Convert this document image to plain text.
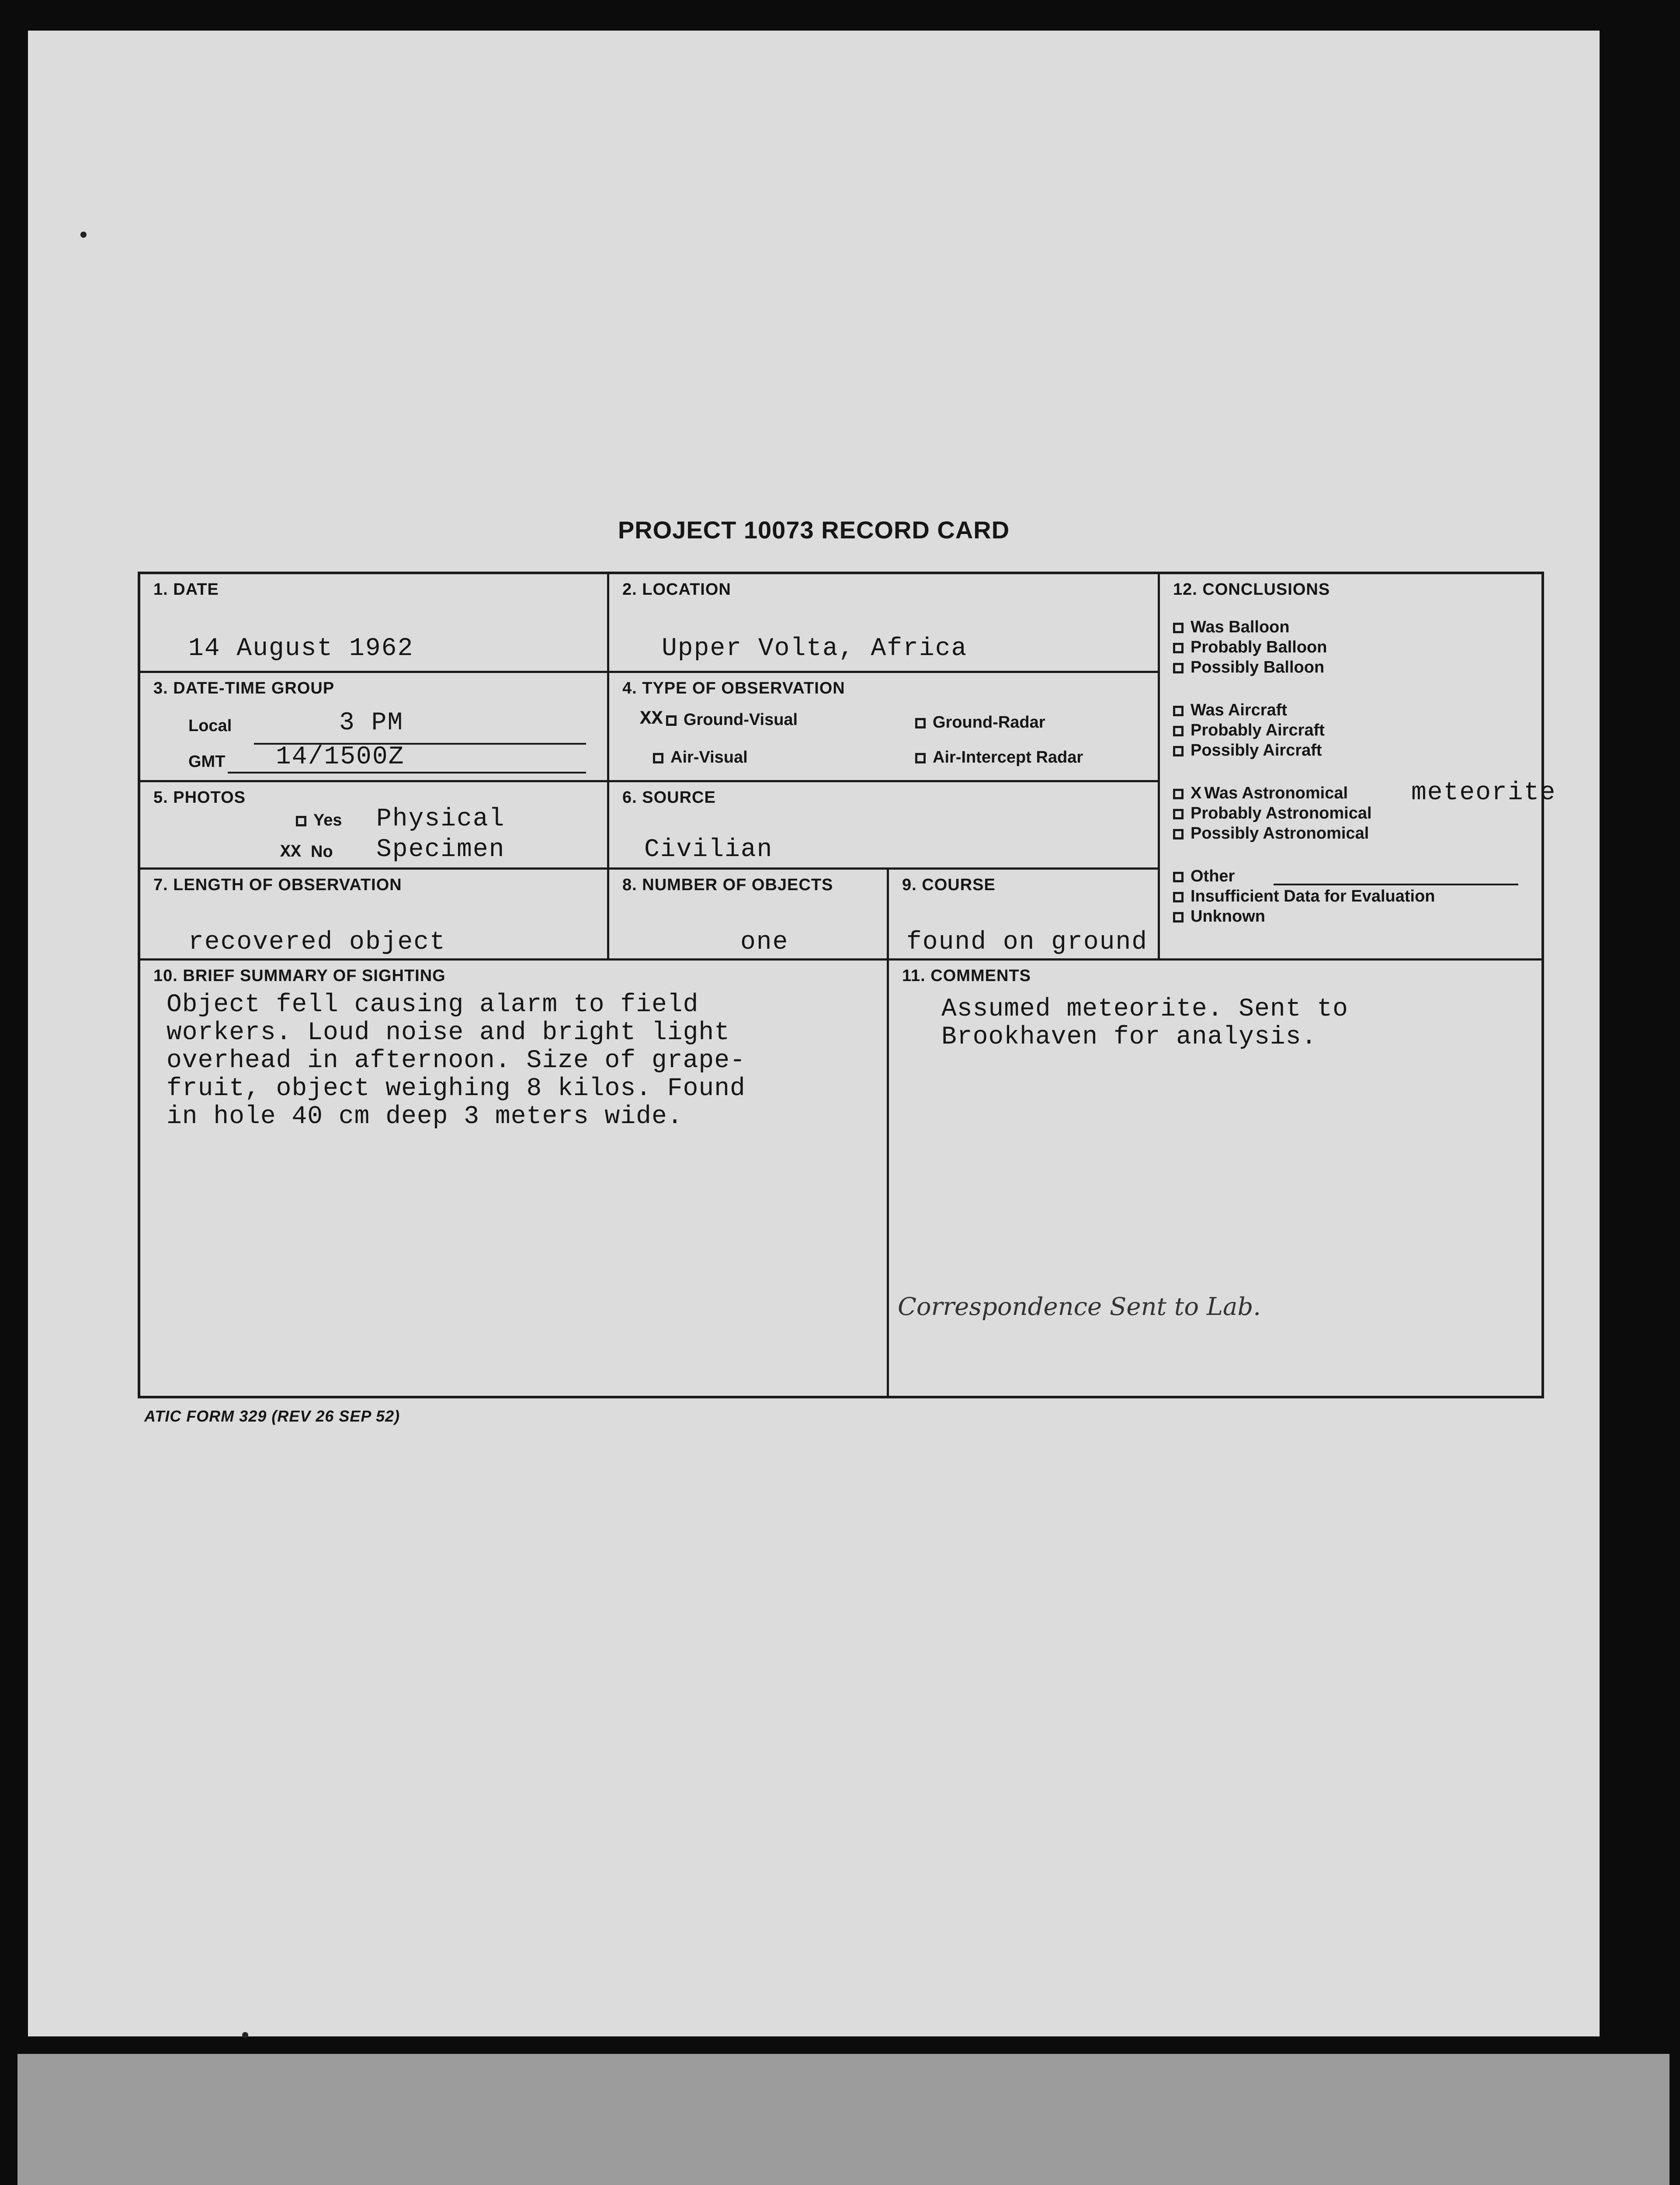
PROJECT 10073 RECORD CARD
1. DATE
14 August 1962
2. LOCATION
Upper Volta, Africa
3. DATE-TIME GROUP
Local	3 PM
GMT 14/1500Z
4. TYPE OF OBSERVATION
XX	Ground-Visual	Ground-Radar
Air-Visual	Air-Intercept Radar
5. PHOTOS
Yes Physical
XX No Specimen
6. SOURCE
Civilian
7. LENGTH OF OBSERVATION
recovered object
8. NUMBER OF OBJECTS
one
9. COURSE
found on ground
12. CONCLUSIONS
Was Balloon
Probably Balloon
Possibly Balloon
Was Aircraft
Probably Aircraft
Possibly Aircraft
X Was Astronomical meteorite
Probably Astronomical
Possibly Astronomical
Other
Insufficient Data for Evaluation
Unknown
10. BRIEF SUMMARY OF SIGHTING
Object fell causing alarm to field
workers. Loud noise and bright light
overhead in afternoon. Size of grape-
fruit, object weighing 8 kilos. Found
in hole 40 cm deep 3 meters wide.
11. COMMENTS
Assumed meteorite. Sent to
Brookhaven for analysis.
Correspondence Sent to Lab.
ATIC FORM 329 (REV 26 SEP 52)
